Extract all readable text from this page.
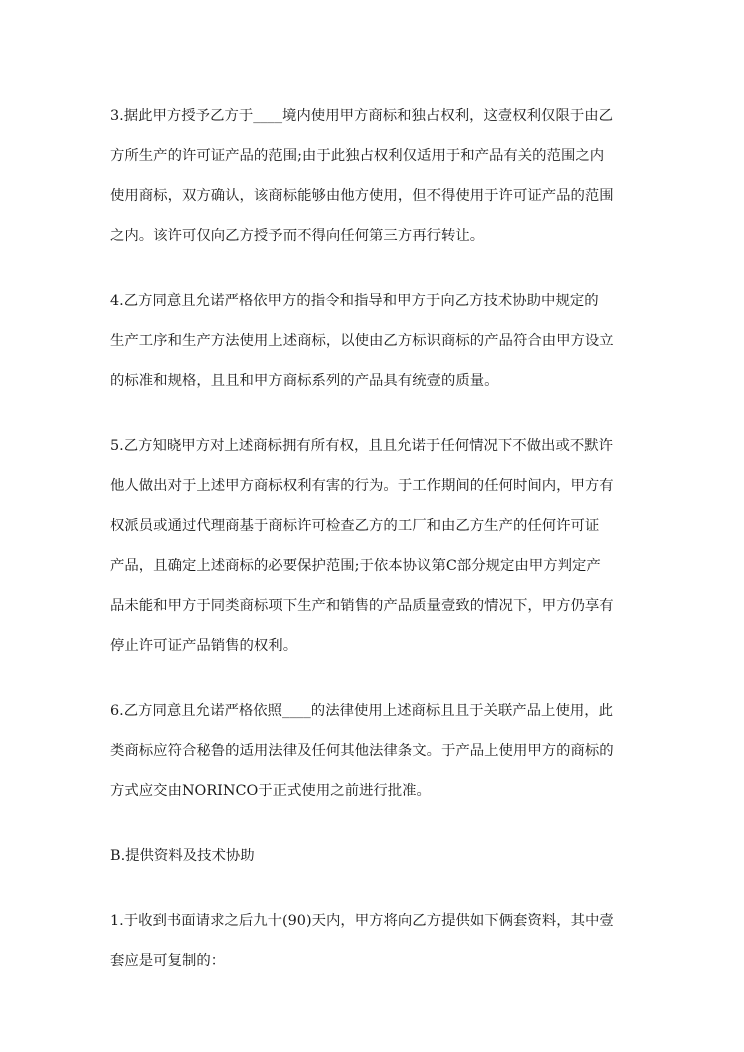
3.据此甲方授予乙方于____境内使用甲方商标和独占权利，这壹权利仅限于由乙
方所生产的许可证产品的范围;由于此独占权利仅适用于和产品有关的范围之内
使用商标，双方确认，该商标能够由他方使用，但不得使用于许可证产品的范围
之内。该许可仅向乙方授予而不得向任何第三方再行转让。
4.乙方同意且允诺严格依甲方的指令和指导和甲方于向乙方技术协助中规定的
生产工序和生产方法使用上述商标，以使由乙方标识商标的产品符合由甲方设立
的标准和规格，且且和甲方商标系列的产品具有统壹的质量。
5.乙方知晓甲方对上述商标拥有所有权，且且允诺于任何情况下不做出或不默许
他人做出对于上述甲方商标权利有害的行为。于工作期间的任何时间内，甲方有
权派员或通过代理商基于商标许可检查乙方的工厂和由乙方生产的任何许可证
产品，且确定上述商标的必要保护范围;于依本协议第C部分规定由甲方判定产
品未能和甲方于同类商标项下生产和销售的产品质量壹致的情况下，甲方仍享有
停止许可证产品销售的权利。
6.乙方同意且允诺严格依照____的法律使用上述商标且且于关联产品上使用，此
类商标应符合秘鲁的适用法律及任何其他法律条文。于产品上使用甲方的商标的
方式应交由NORINCO于正式使用之前进行批准。
B.提供资料及技术协助
1.于收到书面请求之后九十(90)天内，甲方将向乙方提供如下俩套资料，其中壹
套应是可复制的：
